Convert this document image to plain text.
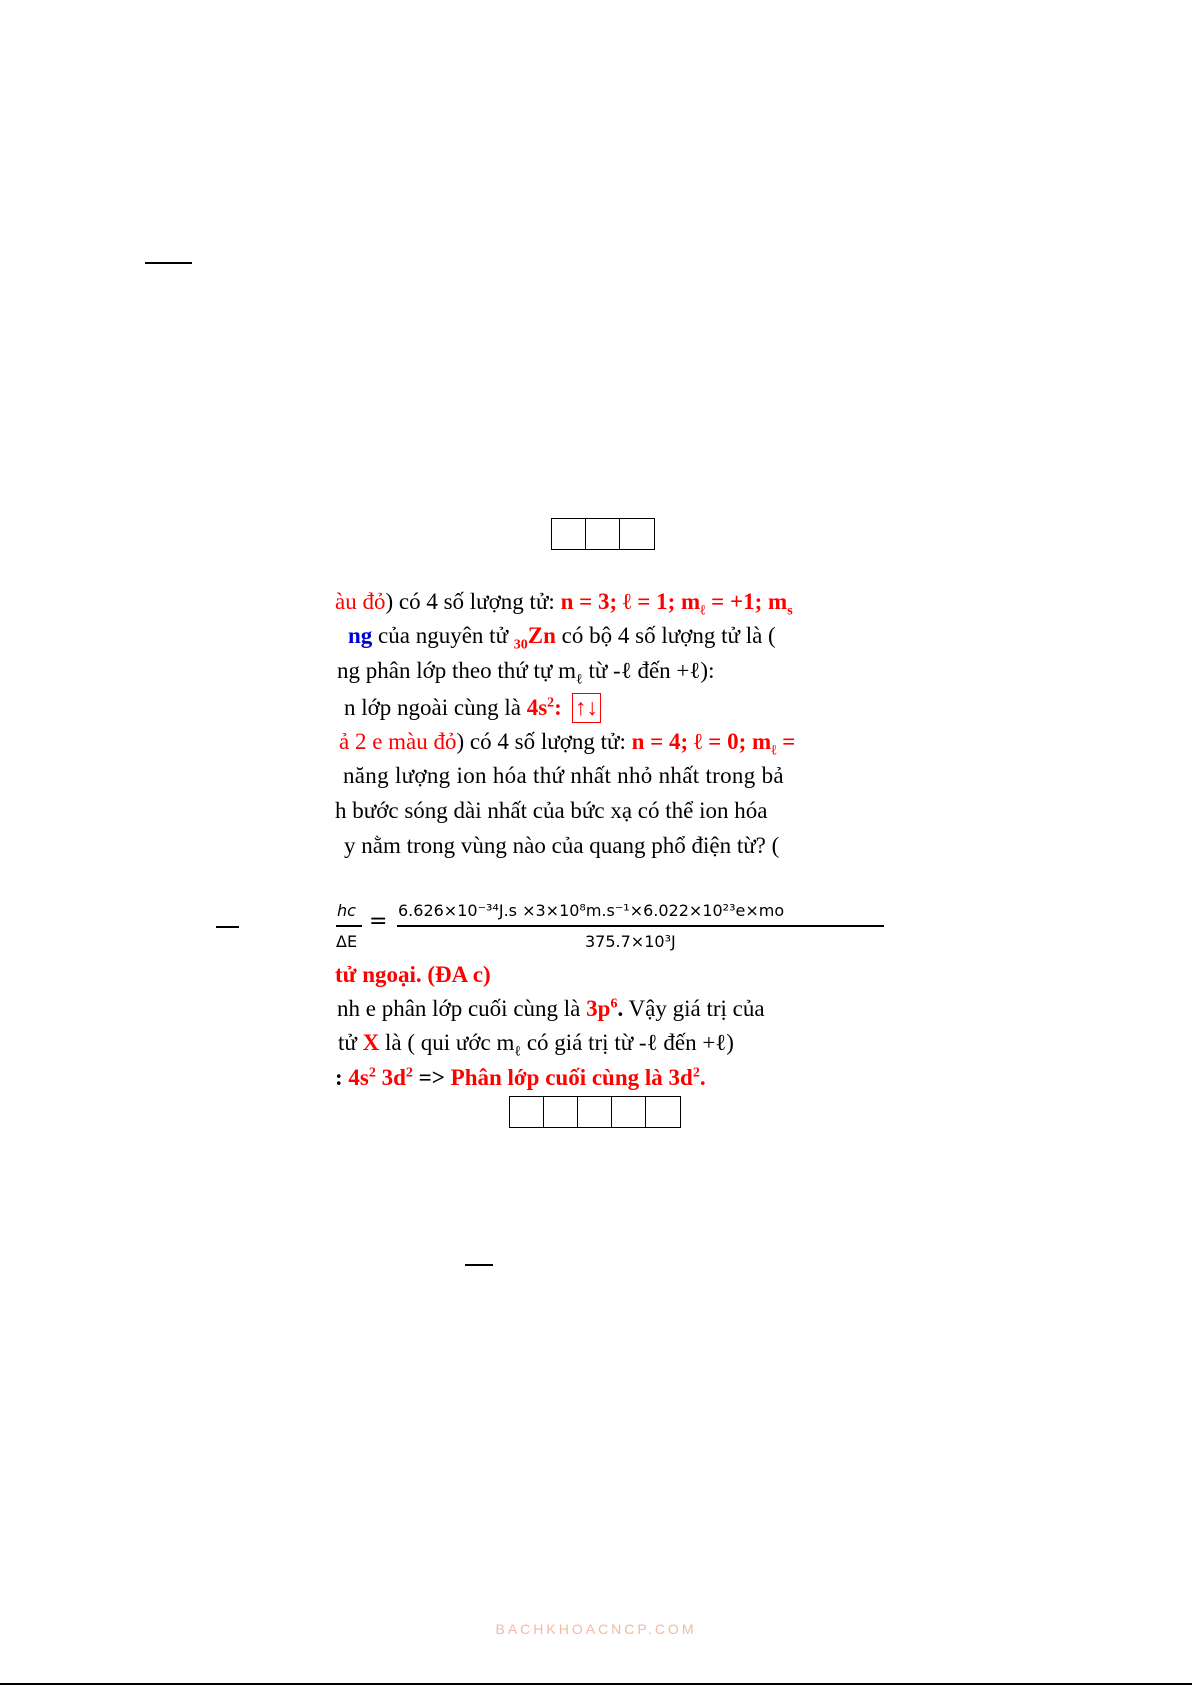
àu đỏ) có 4 số lượng tử: n = 3; ℓ = 1; $m_\ell = +1$; $m_s$
ng của nguyên tử $_{30}$Zn có bộ 4 số lượng tử là (
ng phân lớp theo thứ tự $m_\ell$ từ -ℓ đến +ℓ):
n lớp ngoài cùng là $4s^2$: ↑↓
ả 2 e màu đỏ) có 4 số lượng tử: n = 4; ℓ = 0; $m_\ell$ =
năng lượng ion hóa thứ nhất nhỏ nhất trong bả
h bước sóng dài nhất của bức xạ có thể ion hóa
y nằm trong vùng nào của quang phổ điện từ? (
hc
ΔE
= 6.626×10⁻³⁴J.s ×3×10⁸m.s⁻¹×6.022×10²³e×mo
375.7×10³J
tử ngoại. (ĐA c)
nh e phân lớp cuối cùng là $3p^6$. Vậy giá trị của
tử X là ( qui ước $m_\ell$ có giá trị từ -ℓ đến +ℓ)
: $4s^2$ $3d^2$ => Phân lớp cuối cùng là $3d^2$.
BACHKHOACNCP.COM
